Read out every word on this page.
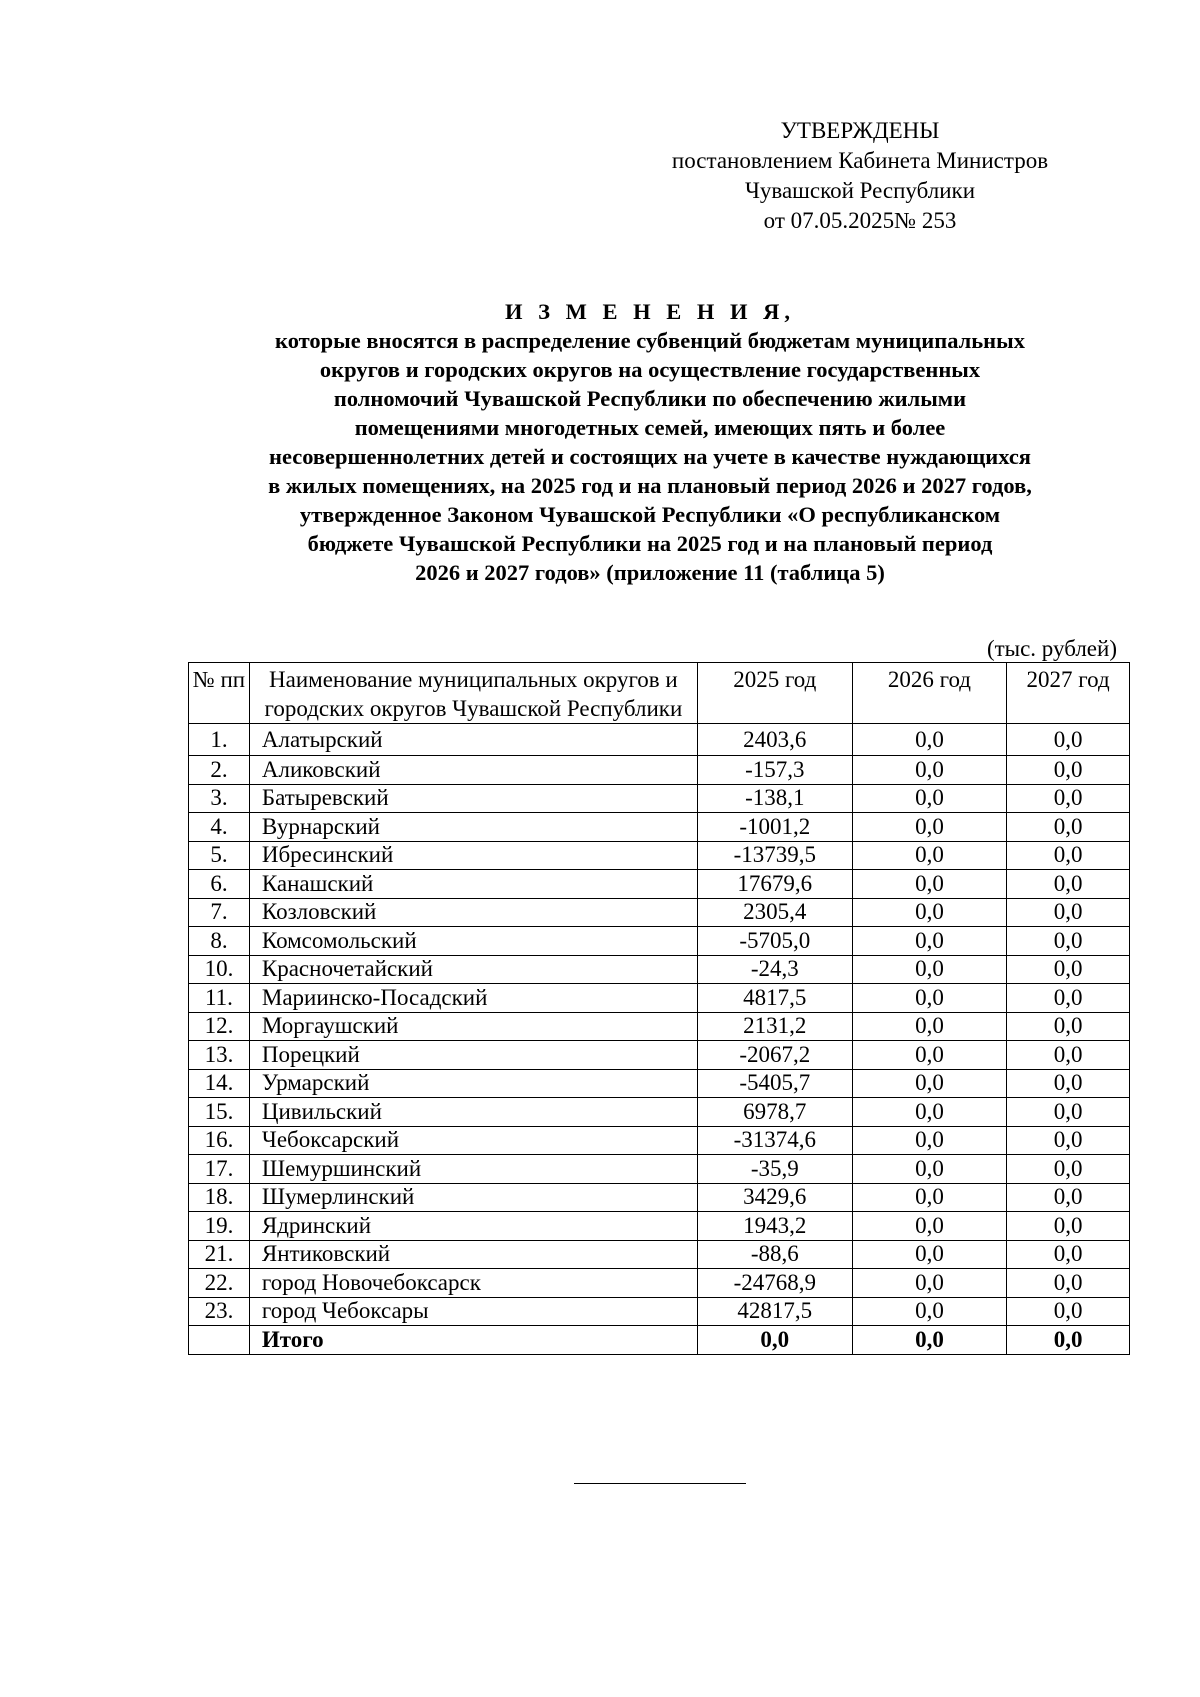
УТВЕРЖДЕНЫ
постановлением Кабинета Министров
Чувашской Республики
от 07.05.2025№ 253
И З М Е Н Е Н И Я,
которые вносятся в распределение субвенций бюджетам муниципальных
округов и городских округов на осуществление государственных
полномочий Чувашской Республики по обеспечению жилыми
помещениями многодетных семей, имеющих пять и более
несовершеннолетних детей и состоящих на учете в качестве нуждающихся
в жилых помещениях, на 2025 год и на плановый период 2026 и 2027 годов,
утвержденное Законом Чувашской Республики «О республиканском
бюджете Чувашской Республики на 2025 год и на плановый период
2026 и 2027 годов» (приложение 11 (таблица 5)
(тыс. рублей)
№ пп	Наименование муниципальных округов и городских округов Чувашской Республики	2025 год	2026 год	2027 год
1.	Алатырский	2403,6	0,0	0,0
2.	Аликовский	-157,3	0,0	0,0
3.	Батыревский	-138,1	0,0	0,0
4.	Вурнарский	-1001,2	0,0	0,0
5.	Ибресинский	-13739,5	0,0	0,0
6.	Канашский	17679,6	0,0	0,0
7.	Козловский	2305,4	0,0	0,0
8.	Комсомольский	-5705,0	0,0	0,0
10.	Красночетайский	-24,3	0,0	0,0
11.	Мариинско-Посадский	4817,5	0,0	0,0
12.	Моргаушский	2131,2	0,0	0,0
13.	Порецкий	-2067,2	0,0	0,0
14.	Урмарский	-5405,7	0,0	0,0
15.	Цивильский	6978,7	0,0	0,0
16.	Чебоксарский	-31374,6	0,0	0,0
17.	Шемуршинский	-35,9	0,0	0,0
18.	Шумерлинский	3429,6	0,0	0,0
19.	Ядринский	1943,2	0,0	0,0
21.	Янтиковский	-88,6	0,0	0,0
22.	город Новочебоксарск	-24768,9	0,0	0,0
23.	город Чебоксары	42817,5	0,0	0,0
	Итого	0,0	0,0	0,0
